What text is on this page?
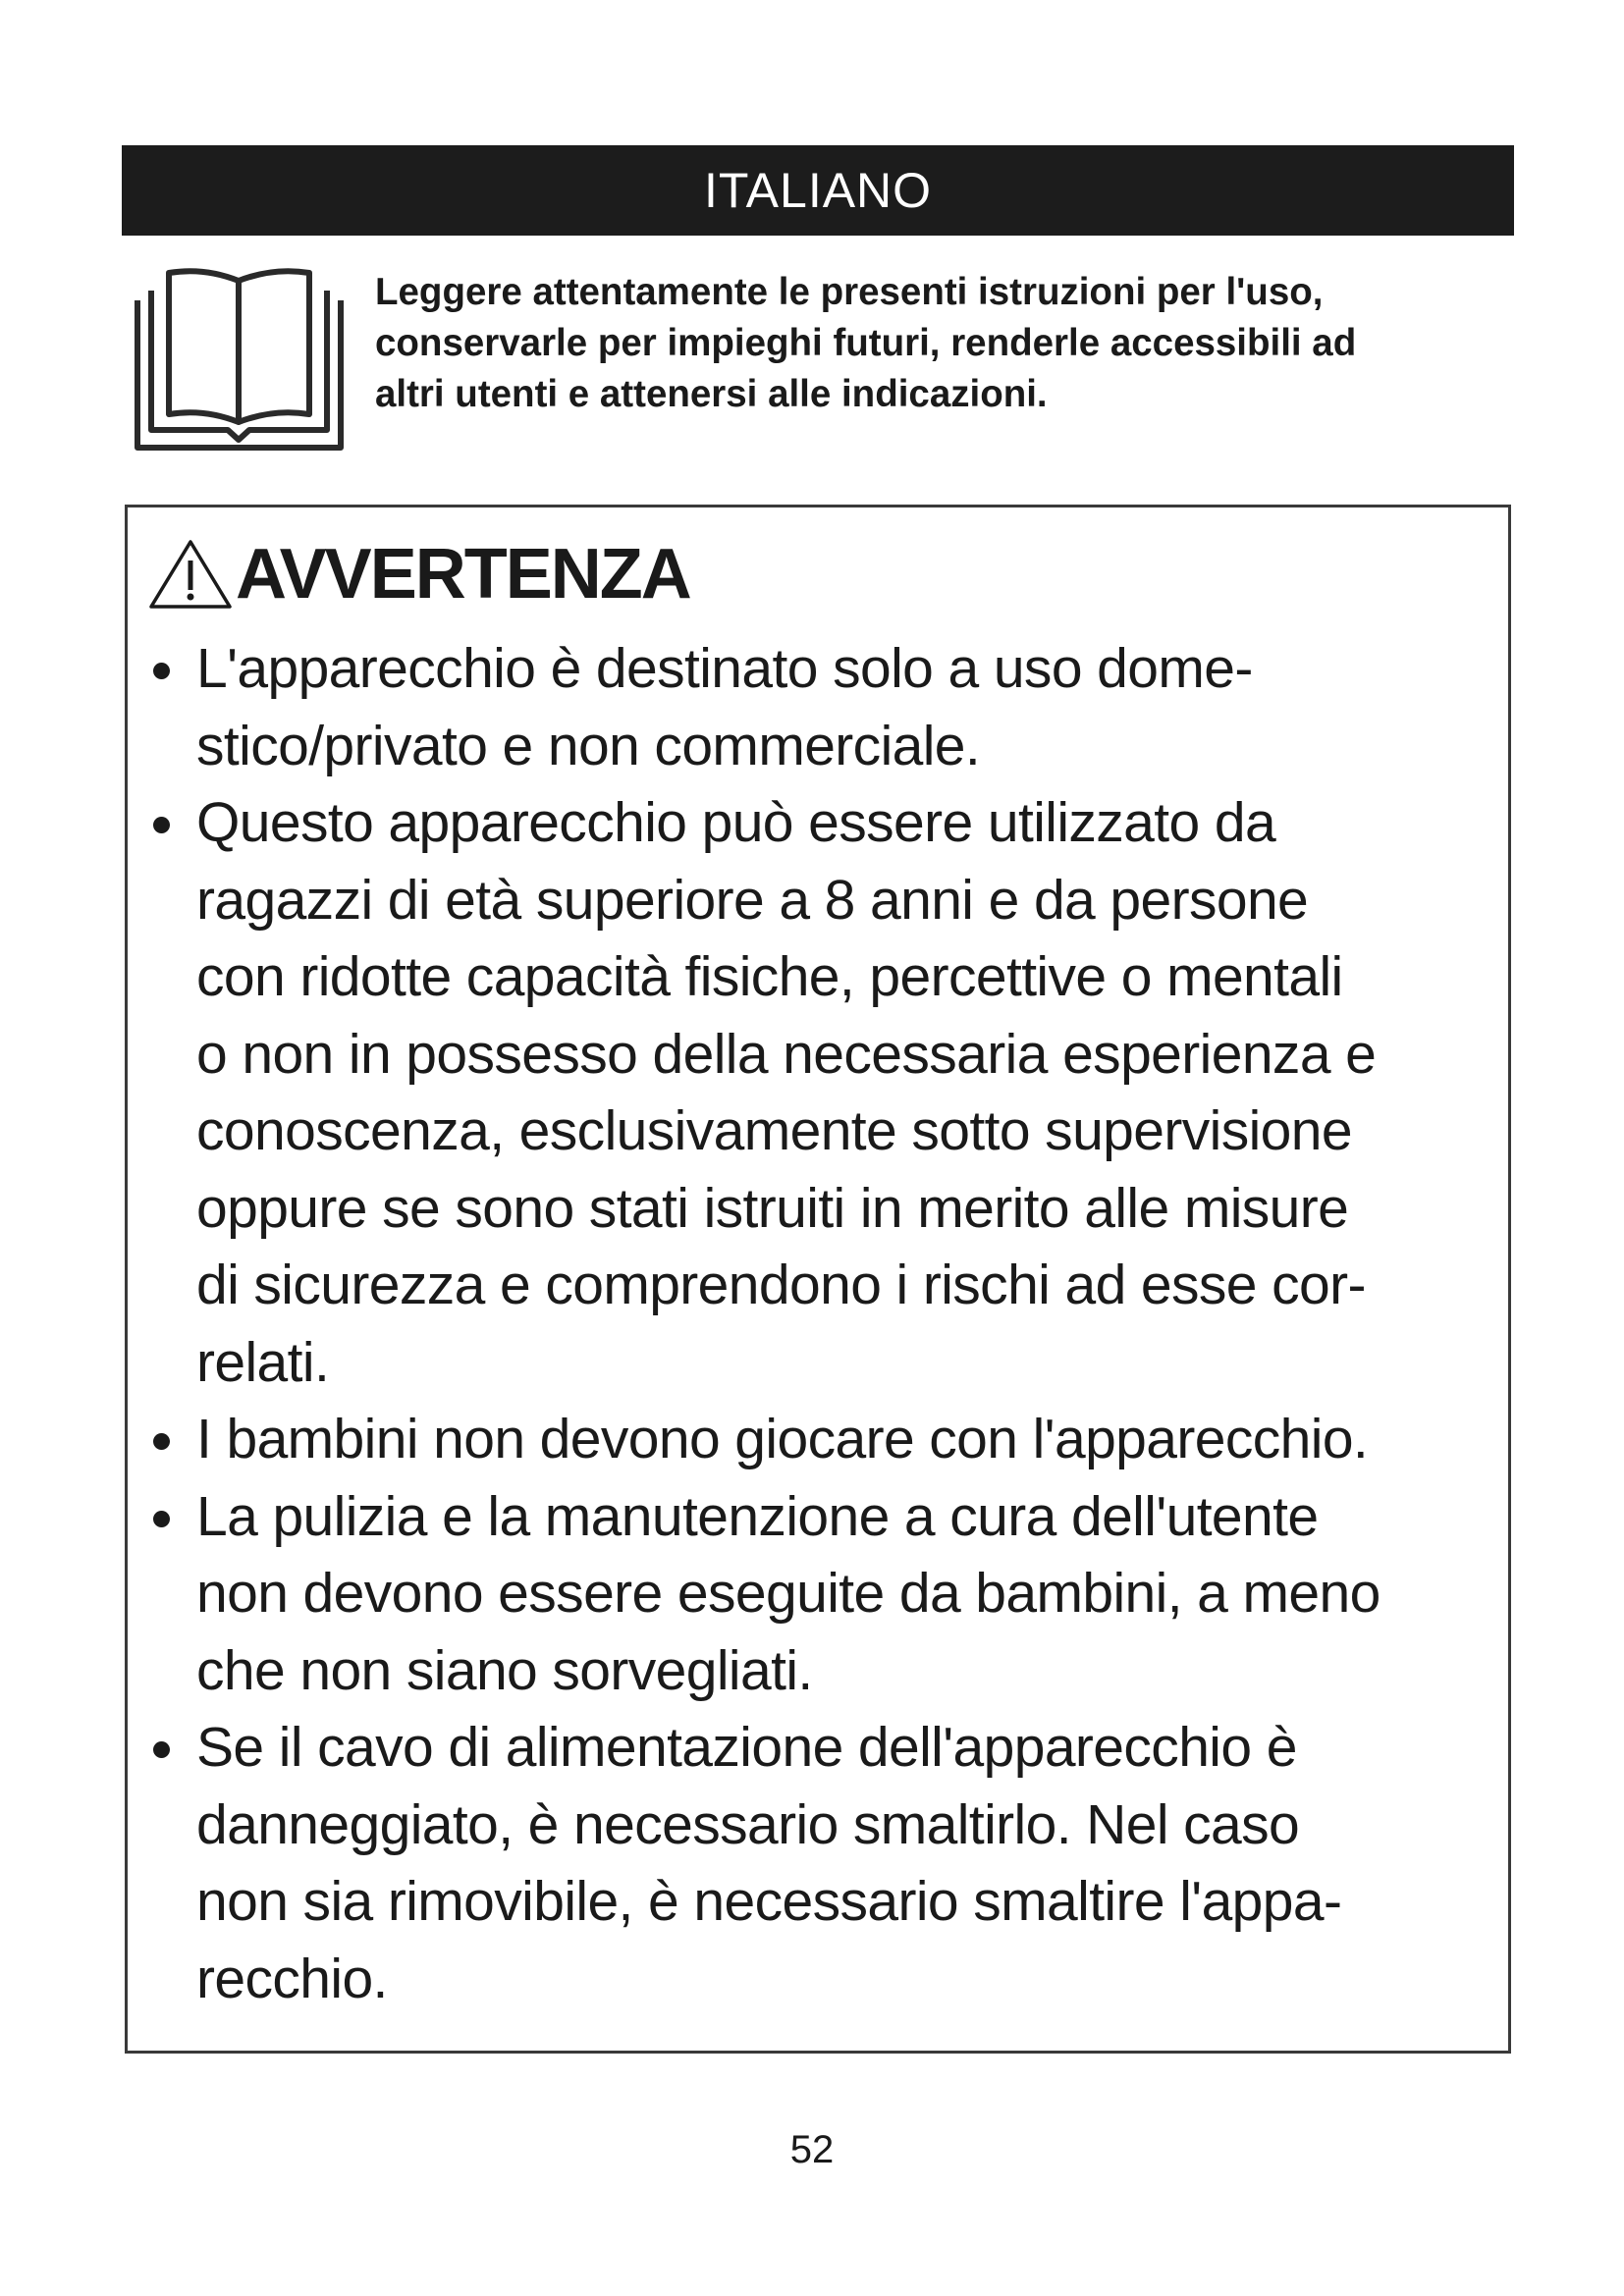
ITALIANO
Leggere attentamente le presenti istruzioni per l'uso,
conservarle per impieghi futuri, renderle accessibili ad
altri utenti e attenersi alle indicazioni.
AVVERTENZA
L'apparecchio è destinato solo a uso dome-
stico/privato e non commerciale.
Questo apparecchio può essere utilizzato da
ragazzi di età superiore a 8 anni e da persone
con ridotte capacità fisiche, percettive o mentali
o non in possesso della necessaria esperienza e
conoscenza, esclusivamente sotto supervisione
oppure se sono stati istruiti in merito alle misure
di sicurezza e comprendono i rischi ad esse cor-
relati.
I bambini non devono giocare con l'apparecchio.
La pulizia e la manutenzione a cura dell'utente
non devono essere eseguite da bambini, a meno
che non siano sorvegliati.
Se il cavo di alimentazione dell'apparecchio è
danneggiato, è necessario smaltirlo. Nel caso
non sia rimovibile, è necessario smaltire l'appa-
recchio.
52
